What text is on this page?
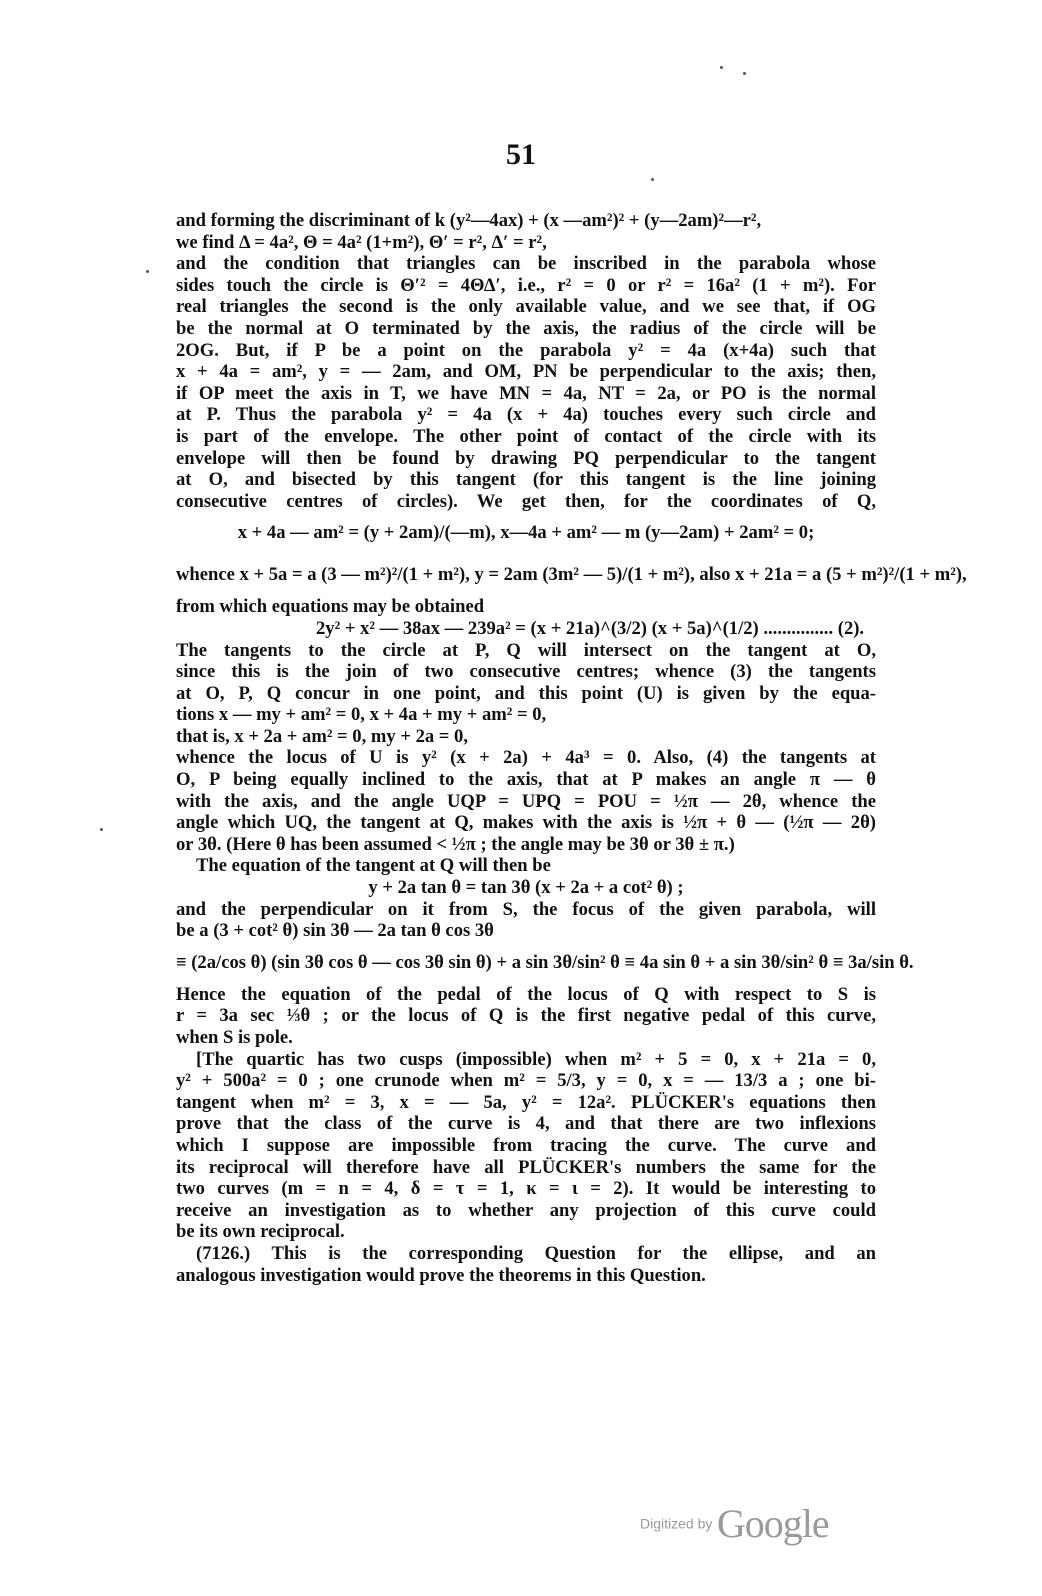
51
and forming the discriminant of k (y²—4ax) + (x —am²)² + (y—2am)²—r²,
we find Δ = 4a², Θ = 4a² (1+m²), Θ′ = r², Δ′ = r²,
and the condition that triangles can be inscribed in the parabola whose
sides touch the circle is Θ′² = 4ΘΔ′, i.e., r² = 0 or r² = 16a² (1 + m²). For
real triangles the second is the only available value, and we see that, if OG
be the normal at O terminated by the axis, the radius of the circle will be
2OG. But, if P be a point on the parabola y² = 4a (x+4a) such that
x + 4a = am², y = — 2am, and OM, PN be perpendicular to the axis; then,
if OP meet the axis in T, we have MN = 4a, NT = 2a, or PO is the normal
at P. Thus the parabola y² = 4a (x + 4a) touches every such circle and
is part of the envelope. The other point of contact of the circle with its
envelope will then be found by drawing PQ perpendicular to the tangent
at O, and bisected by this tangent (for this tangent is the line joining
consecutive centres of circles). We get then, for the coordinates of Q,
x + 4a — am² = (y + 2am)/(—m), x—4a + am² — m (y—2am) + 2am² = 0;
whence x + 5a = a (3 — m²)²/(1 + m²), y = 2am (3m² — 5)/(1 + m²), also x + 21a = a (5 + m²)²/(1 + m²),
from which equations may be obtained
2y² + x² — 38ax — 239a² = (x + 21a)^(3/2) (x + 5a)^(1/2) ............... (2).
The tangents to the circle at P, Q will intersect on the tangent at O,
since this is the join of two consecutive centres; whence (3) the tangents
at O, P, Q concur in one point, and this point (U) is given by the equa-
tions x — my + am² = 0, x + 4a + my + am² = 0,
that is, x + 2a + am² = 0, my + 2a = 0,
whence the locus of U is y² (x + 2a) + 4a³ = 0. Also, (4) the tangents at
O, P being equally inclined to the axis, that at P makes an angle π — θ
with the axis, and the angle UQP = UPQ = POU = ½π — 2θ, whence the
angle which UQ, the tangent at Q, makes with the axis is ½π + θ — (½π — 2θ)
or 3θ. (Here θ has been assumed < ½π ; the angle may be 3θ or 3θ ± π.)
The equation of the tangent at Q will then be
y + 2a tan θ = tan 3θ (x + 2a + a cot² θ) ;
and the perpendicular on it from S, the focus of the given parabola, will
be a (3 + cot² θ) sin 3θ — 2a tan θ cos 3θ
≡ (2a/cos θ) (sin 3θ cos θ — cos 3θ sin θ) + a sin 3θ/sin² θ ≡ 4a sin θ + a sin 3θ/sin² θ ≡ 3a/sin θ.
Hence the equation of the pedal of the locus of Q with respect to S is
r = 3a sec ⅓θ ; or the locus of Q is the first negative pedal of this curve,
when S is pole.
[The quartic has two cusps (impossible) when m² + 5 = 0, x + 21a = 0,
y² + 500a² = 0 ; one crunode when m² = 5/3, y = 0, x = — 13/3 a ; one bi-
tangent when m² = 3, x = — 5a, y² = 12a². PLÜCKER's equations then
prove that the class of the curve is 4, and that there are two inflexions
which I suppose are impossible from tracing the curve. The curve and
its reciprocal will therefore have all PLÜCKER's numbers the same for the
two curves (m = n = 4, δ = τ = 1, κ = ι = 2). It would be interesting to
receive an investigation as to whether any projection of this curve could
be its own reciprocal.
(7126.) This is the corresponding Question for the ellipse, and an
analogous investigation would prove the theorems in this Question.
Digitized by Google
